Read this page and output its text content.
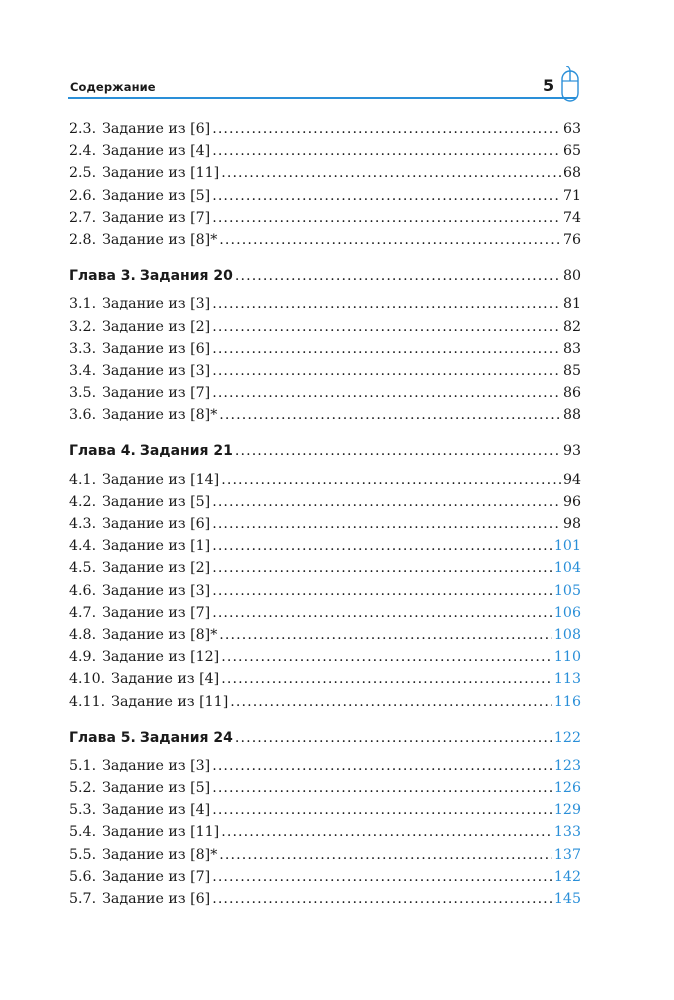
Содержание	5
2.3. Задание из [6] .....	63
2.4. Задание из [4] .....	65
2.5. Задание из [11] .....	68
2.6. Задание из [5] .....	71
2.7. Задание из [7] .....	74
2.8. Задание из [8]* .....	76
Глава 3. Задания 20 .....	80
3.1. Задание из [3] .....	81
3.2. Задание из [2] .....	82
3.3. Задание из [6] .....	83
3.4. Задание из [3] .....	85
3.5. Задание из [7] .....	86
3.6. Задание из [8]* .....	88
Глава 4. Задания 21 .....	93
4.1. Задание из [14] .....	94
4.2. Задание из [5] .....	96
4.3. Задание из [6] .....	98
4.4. Задание из [1] .....	101
4.5. Задание из [2] .....	104
4.6. Задание из [3] .....	105
4.7. Задание из [7] .....	106
4.8. Задание из [8]* .....	108
4.9. Задание из [12] .....	110
4.10. Задание из [4] .....	113
4.11. Задание из [11] .....	116
Глава 5. Задания 24 .....	122
5.1. Задание из [3] .....	123
5.2. Задание из [5] .....	126
5.3. Задание из [4] .....	129
5.4. Задание из [11] .....	133
5.5. Задание из [8]* .....	137
5.6. Задание из [7] .....	142
5.7. Задание из [6] .....	145
